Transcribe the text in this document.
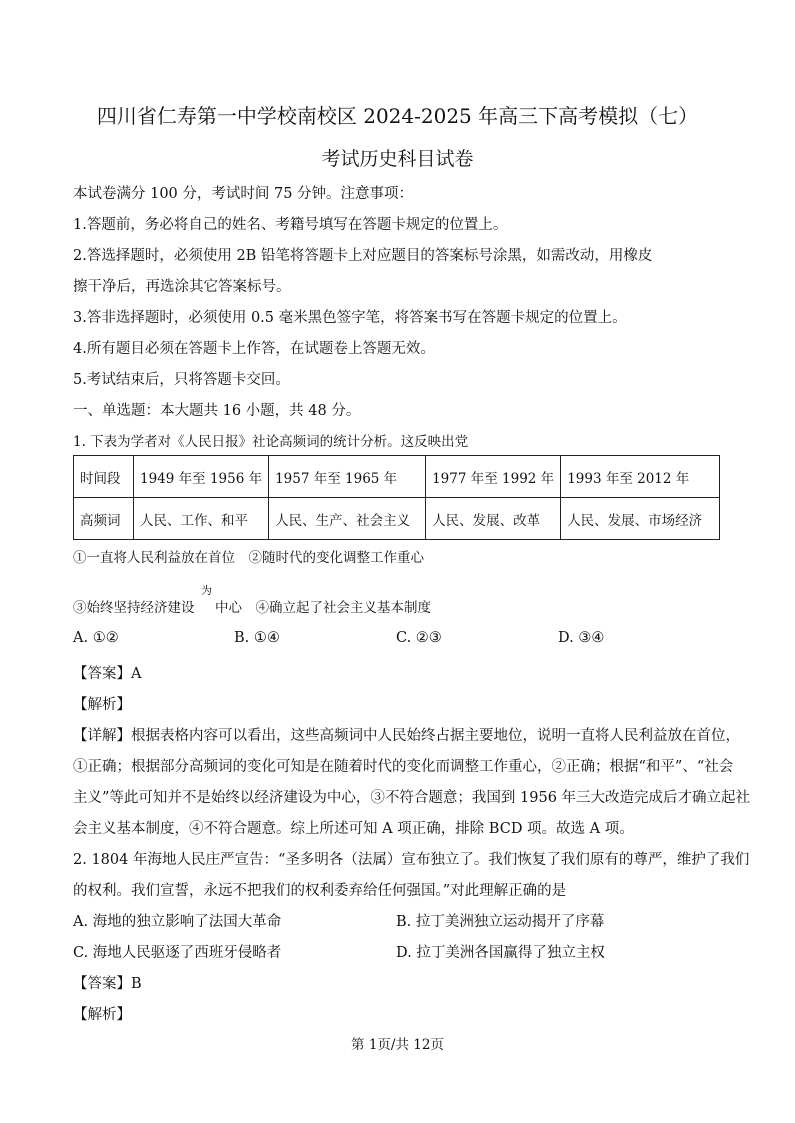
四川省仁寿第一中学校南校区 2024-2025 年高三下高考模拟（七）
考试历史科目试卷
本试卷满分 100 分，考试时间 75 分钟。注意事项：
1.答题前，务必将自己的姓名、考籍号填写在答题卡规定的位置上。
2.答选择题时，必须使用 2B 铅笔将答题卡上对应题目的答案标号涂黑，如需改动，用橡皮
擦干净后，再选涂其它答案标号。
3.答非选择题时，必须使用 0.5 毫米黑色签字笔，将答案书写在答题卡规定的位置上。
4.所有题目必须在答题卡上作答，在试题卷上答题无效。
5.考试结束后，只将答题卡交回。
一、单选题：本大题共 16 小题，共 48 分。
1. 下表为学者对《人民日报》社论高频词的统计分析。这反映出党
时间段	1949 年至 1956 年	1957 年至 1965 年	1977 年至 1992 年	1993 年至 2012 年
高频词	人民、工作、和平	人民、生产、社会主义	人民、发展、改革	人民、发展、市场经济
①一直将人民利益放在首位　②随时代的变化调整工作重心
③始终坚持经济建设
为
中心　④确立起了社会主义基本制度
A. ①②	B. ①④	C. ②③	D. ③④
【答案】A
【解析】
【详解】根据表格内容可以看出，这些高频词中人民始终占据主要地位，说明一直将人民利益放在首位，
①正确；根据部分高频词的变化可知是在随着时代的变化而调整工作重心，②正确；根据“和平”、“社会
主义”等此可知并不是始终以经济建设为中心，③不符合题意；我国到 1956 年三大改造完成后才确立起社
会主义基本制度，④不符合题意。综上所述可知 A 项正确，排除 BCD 项。故选 A 项。
2. 1804 年海地人民庄严宣告：“圣多明各（法属）宣布独立了。我们恢复了我们原有的尊严，维护了我们
的权利。我们宣誓，永远不把我们的权利委弃给任何强国。”对此理解正确的是
A. 海地的独立影响了法国大革命	B. 拉丁美洲独立运动揭开了序幕
C. 海地人民驱逐了西班牙侵略者	D. 拉丁美洲各国赢得了独立主权
【答案】B
【解析】
第 1页/共 12页
